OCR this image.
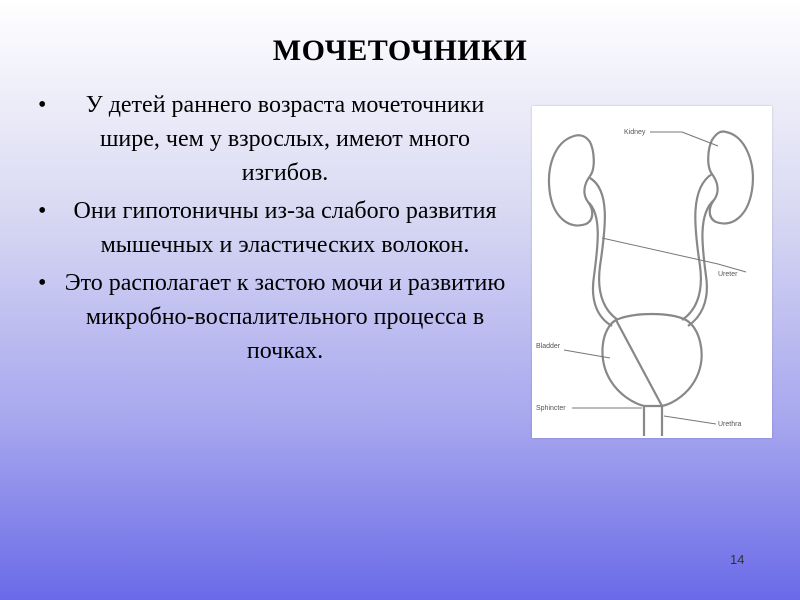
МОЧЕТОЧНИКИ
•	У детей раннего возраста мочеточники шире, чем у взрослых, имеют много изгибов.
•	Они гипотоничны из-за слабого развития мышечных и эластических волокон.
• Это располагает к застою мочи и развитию микробно-воспалительного процесса в почках.
Kidney
Ureter
Bladder
Sphincter
Urethra
14
